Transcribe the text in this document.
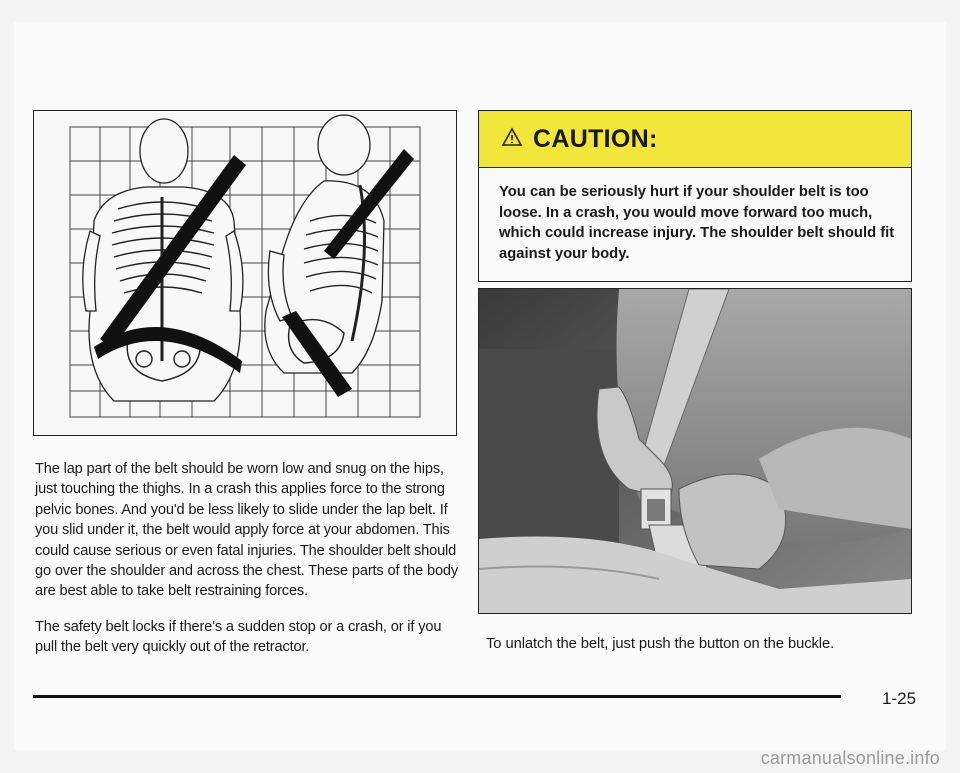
The lap part of the belt should be worn low and snug on the hips, just touching the thighs. In a crash this applies force to the strong pelvic bones. And you'd be less likely to slide under the lap belt. If you slid under it, the belt would apply force at your abdomen. This could cause serious or even fatal injuries. The shoulder belt should go over the shoulder and across the chest. These parts of the body are best able to take belt restraining forces.

The safety belt locks if there's a sudden stop or a crash, or if you pull the belt very quickly out of the retractor.

CAUTION:
You can be seriously hurt if your shoulder belt is too loose. In a crash, you would move forward too much, which could increase injury. The shoulder belt should fit against your body.

To unlatch the belt, just push the button on the buckle.

1-25
carmanualsonline.info
